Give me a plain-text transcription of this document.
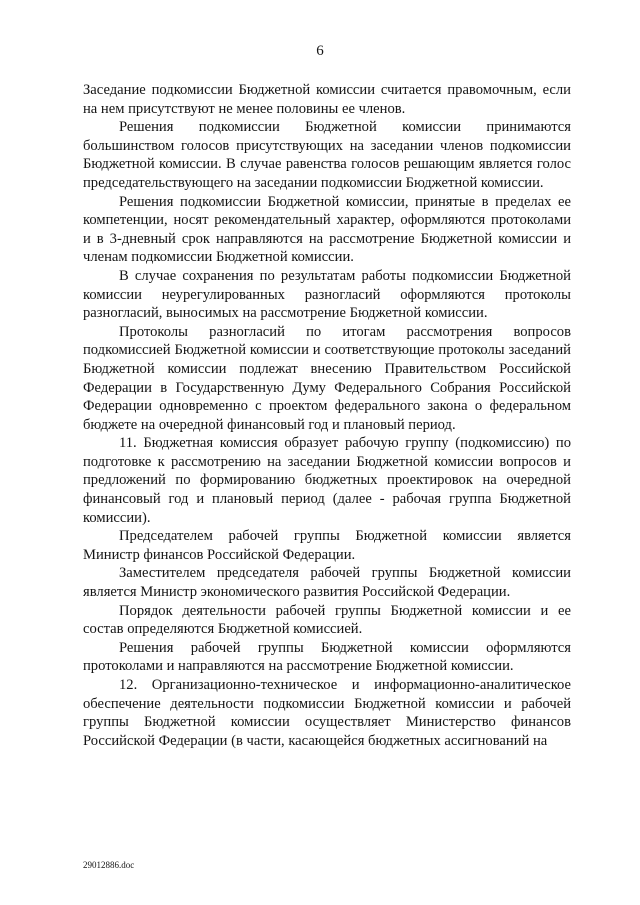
6

Заседание подкомиссии Бюджетной комиссии считается правомочным, если на нем присутствуют не менее половины ее членов.

Решения подкомиссии Бюджетной комиссии принимаются большинством голосов присутствующих на заседании членов подкомиссии Бюджетной комиссии. В случае равенства голосов решающим является голос председательствующего на заседании подкомиссии Бюджетной комиссии.

Решения подкомиссии Бюджетной комиссии, принятые в пределах ее компетенции, носят рекомендательный характер, оформляются протоколами и в 3-дневный срок направляются на рассмотрение Бюджетной комиссии и членам подкомиссии Бюджетной комиссии.

В случае сохранения по результатам работы подкомиссии Бюджетной комиссии неурегулированных разногласий оформляются протоколы разногласий, выносимых на рассмотрение Бюджетной комиссии.

Протоколы разногласий по итогам рассмотрения вопросов подкомиссией Бюджетной комиссии и соответствующие протоколы заседаний Бюджетной комиссии подлежат внесению Правительством Российской Федерации в Государственную Думу Федерального Собрания Российской Федерации одновременно с проектом федерального закона о федеральном бюджете на очередной финансовый год и плановый период.

11. Бюджетная комиссия образует рабочую группу (подкомиссию) по подготовке к рассмотрению на заседании Бюджетной комиссии вопросов и предложений по формированию бюджетных проектировок на очередной финансовый год и плановый период (далее - рабочая группа Бюджетной комиссии).

Председателем рабочей группы Бюджетной комиссии является Министр финансов Российской Федерации.

Заместителем председателя рабочей группы Бюджетной комиссии является Министр экономического развития Российской Федерации.

Порядок деятельности рабочей группы Бюджетной комиссии и ее состав определяются Бюджетной комиссией.

Решения рабочей группы Бюджетной комиссии оформляются протоколами и направляются на рассмотрение Бюджетной комиссии.

12. Организационно-техническое и информационно-аналитическое обеспечение деятельности подкомиссии Бюджетной комиссии и рабочей группы Бюджетной комиссии осуществляет Министерство финансов Российской Федерации (в части, касающейся бюджетных ассигнований на

29012886.doc
